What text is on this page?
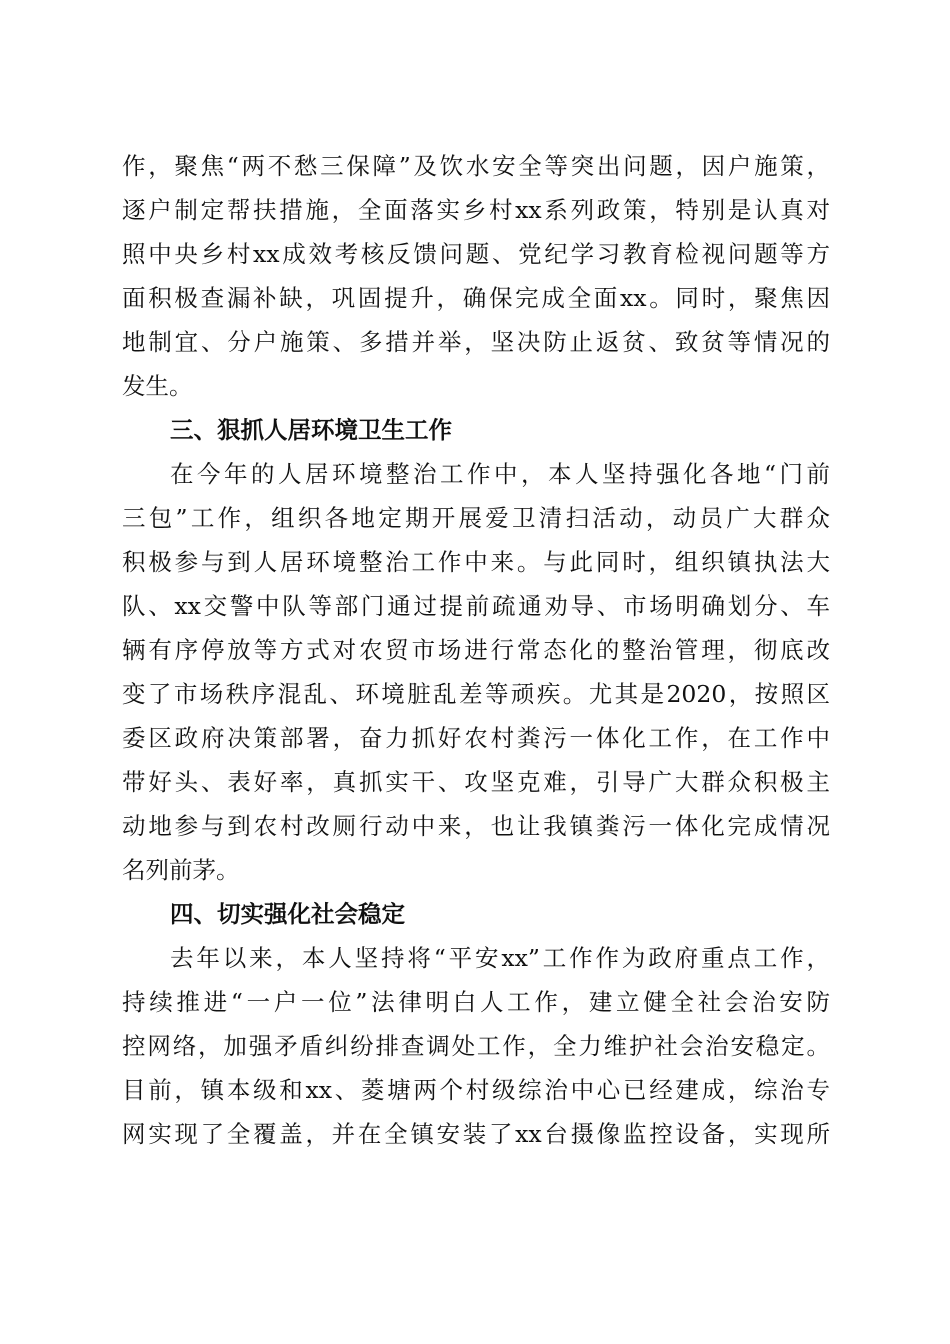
作，聚焦“两不愁三保障”及饮水安全等突出问题，因户施策，
逐户制定帮扶措施，全面落实乡村xx系列政策，特别是认真对
照中央乡村xx成效考核反馈问题、党纪学习教育检视问题等方
面积极查漏补缺，巩固提升，确保完成全面xx。同时，聚焦因
地制宜、分户施策、多措并举，坚决防止返贫、致贫等情况的
发生。
三、狠抓人居环境卫生工作
在今年的人居环境整治工作中，本人坚持强化各地“门前
三包”工作，组织各地定期开展爱卫清扫活动，动员广大群众
积极参与到人居环境整治工作中来。与此同时，组织镇执法大
队、xx交警中队等部门通过提前疏通劝导、市场明确划分、车
辆有序停放等方式对农贸市场进行常态化的整治管理，彻底改
变了市场秩序混乱、环境脏乱差等顽疾。尤其是2020，按照区
委区政府决策部署，奋力抓好农村粪污一体化工作，在工作中
带好头、表好率，真抓实干、攻坚克难，引导广大群众积极主
动地参与到农村改厕行动中来，也让我镇粪污一体化完成情况
名列前茅。
四、切实强化社会稳定
去年以来，本人坚持将“平安xx”工作作为政府重点工作，
持续推进“一户一位”法律明白人工作，建立健全社会治安防
控网络，加强矛盾纠纷排查调处工作，全力维护社会治安稳定。
目前，镇本级和xx、菱塘两个村级综治中心已经建成，综治专
网实现了全覆盖，并在全镇安装了xx台摄像监控设备，实现所
